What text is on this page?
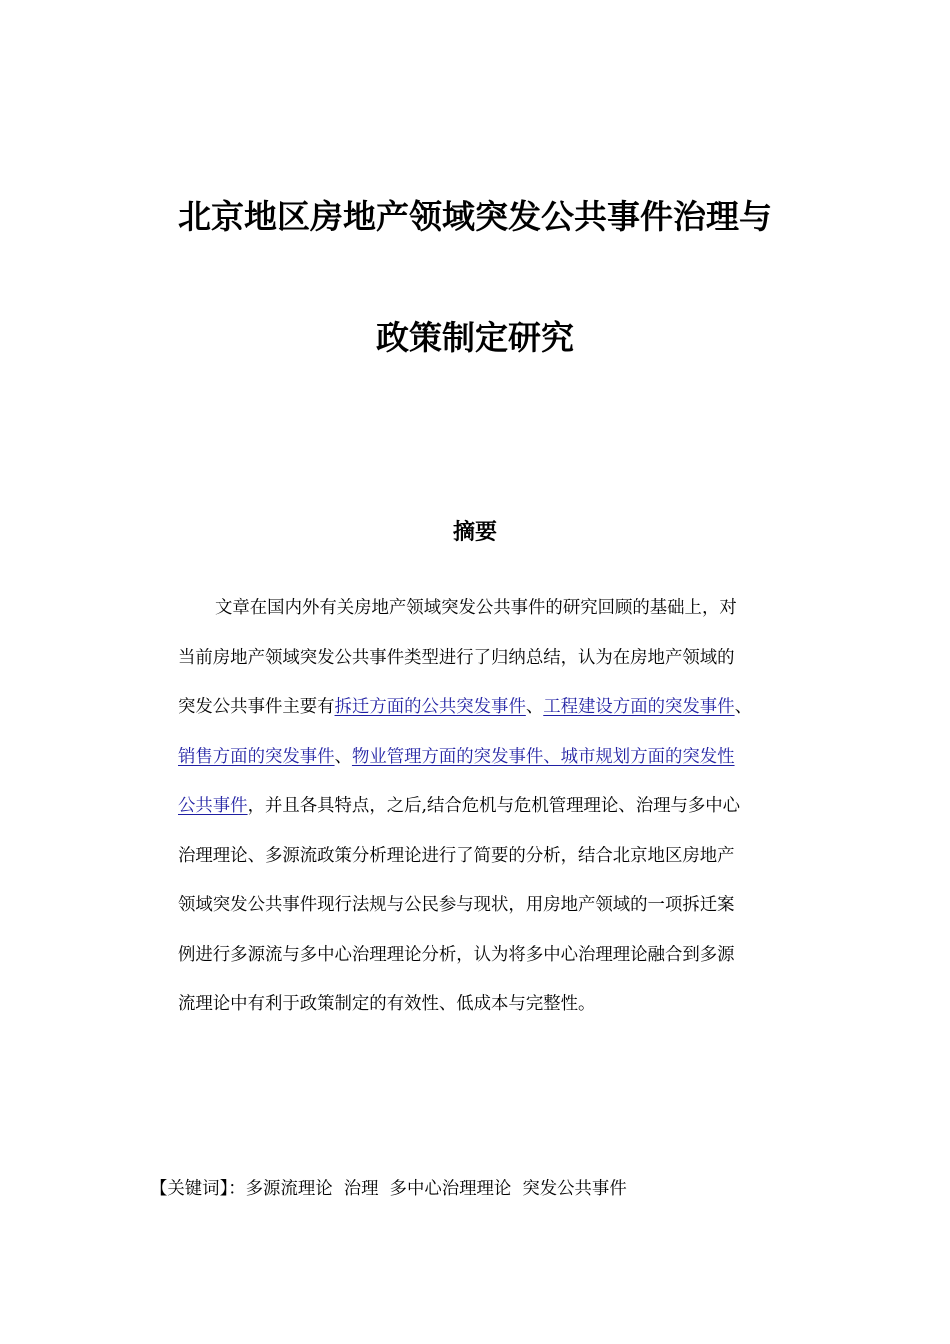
北京地区房地产领域突发公共事件治理与
政策制定研究
摘要
文章在国内外有关房地产领域突发公共事件的研究回顾的基础上，对
当前房地产领域突发公共事件类型进行了归纳总结，认为在房地产领域的
突发公共事件主要有拆迁方面的公共突发事件、工程建设方面的突发事件、
销售方面的突发事件、物业管理方面的突发事件、城市规划方面的突发性
公共事件，并且各具特点，之后,结合危机与危机管理理论、治理与多中心
治理理论、多源流政策分析理论进行了简要的分析，结合北京地区房地产
领域突发公共事件现行法规与公民参与现状，用房地产领域的一项拆迁案
例进行多源流与多中心治理理论分析，认为将多中心治理理论融合到多源
流理论中有利于政策制定的有效性、低成本与完整性。
【关键词】：多源流理论 治理 多中心治理理论 突发公共事件
